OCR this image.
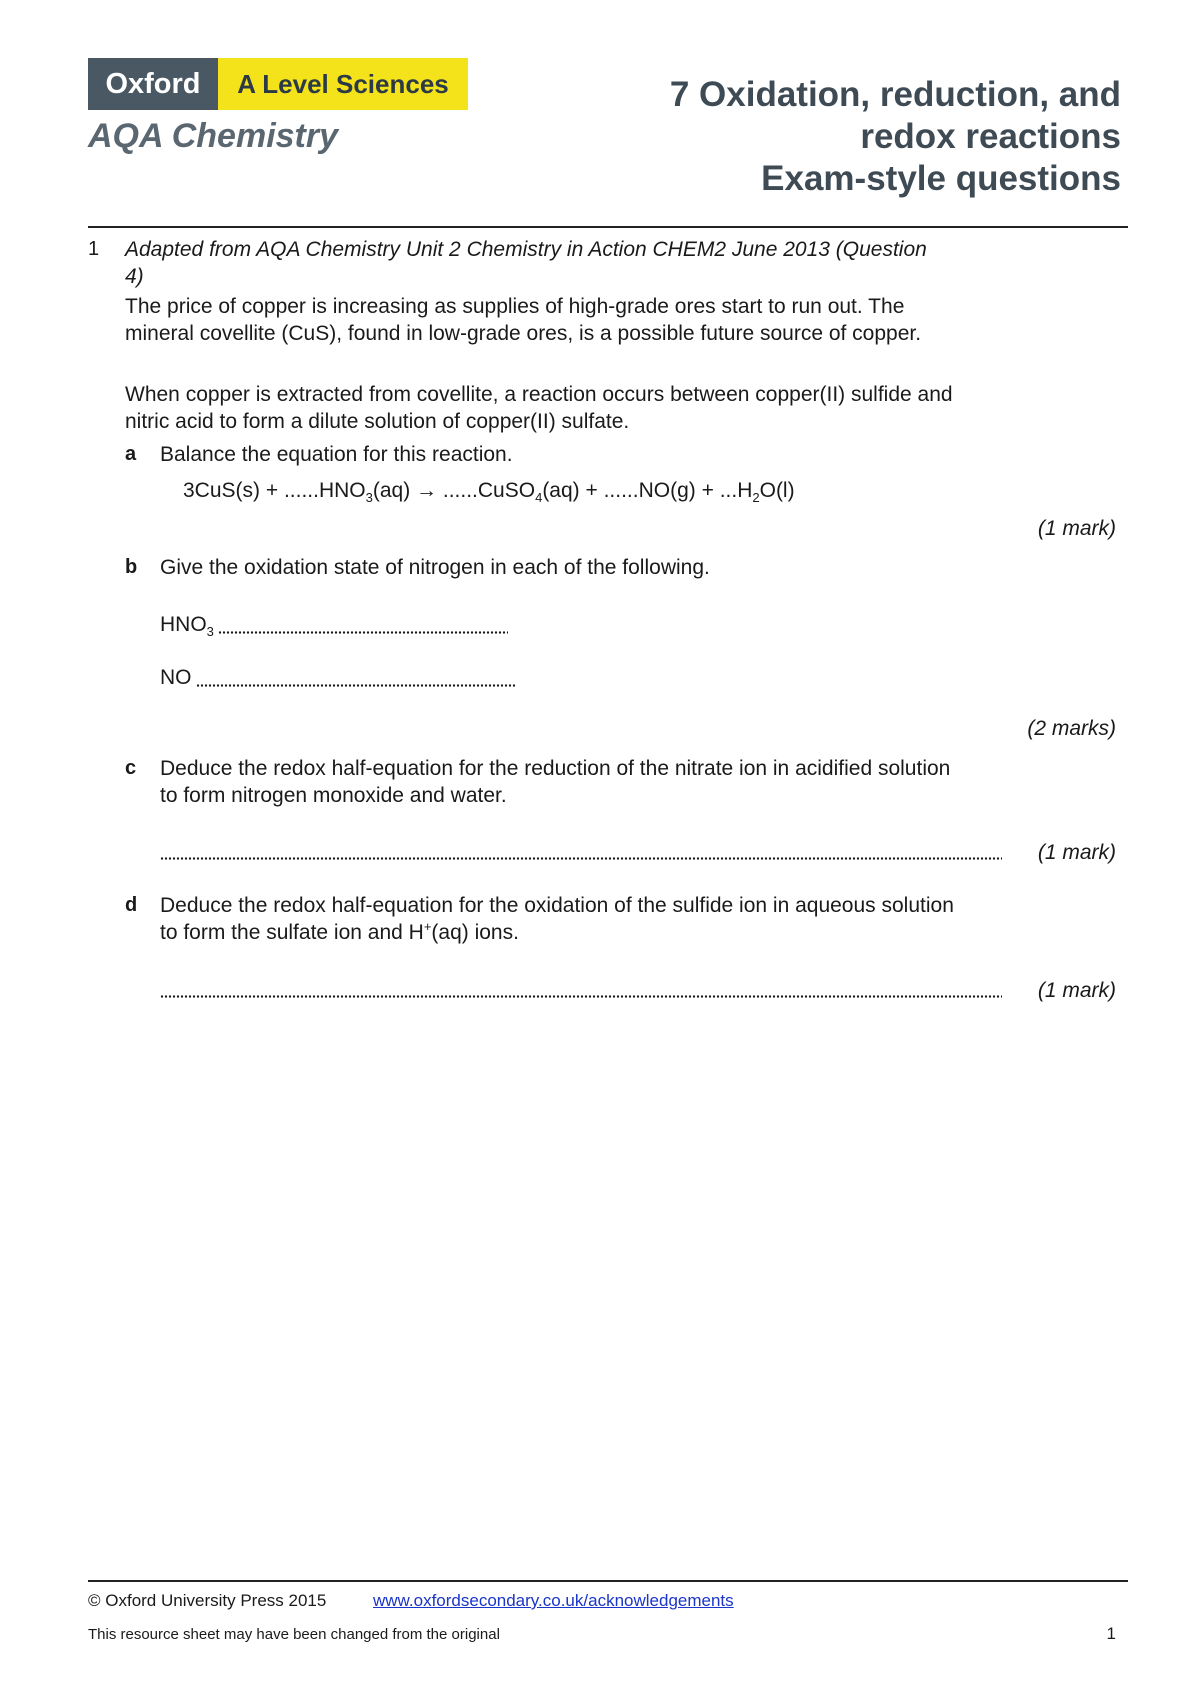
Oxford	A Level Sciences
AQA Chemistry
7 Oxidation, reduction, and
redox reactions
Exam-style questions
1 Adapted from AQA Chemistry Unit 2 Chemistry in Action CHEM2 June 2013 (Question 4)
The price of copper is increasing as supplies of high-grade ores start to run out. The mineral covellite (CuS), found in low-grade ores, is a possible future source of copper.
When copper is extracted from covellite, a reaction occurs between copper(II) sulfide and nitric acid to form a dilute solution of copper(II) sulfate.
a Balance the equation for this reaction.
$3CuS(s) + ......HNO_3(aq)$ → ......CuSO$_4$(aq) + $......NO(g) + ...H_2O(l)$
(1 mark)
b Give the oxidation state of nitrogen in each of the following.
$HNO_3$
NO
(2 marks)
c Deduce the redox half-equation for the reduction of the nitrate ion in acidified solution to form nitrogen monoxide and water.
(1 mark)
d Deduce the redox half-equation for the oxidation of the sulfide ion in aqueous solution to form the sulfate ion and H+(aq) ions.
(1 mark)
© Oxford University Press 2015	www.oxfordsecondary.co.uk/acknowledgements
This resource sheet may have been changed from the original	1
